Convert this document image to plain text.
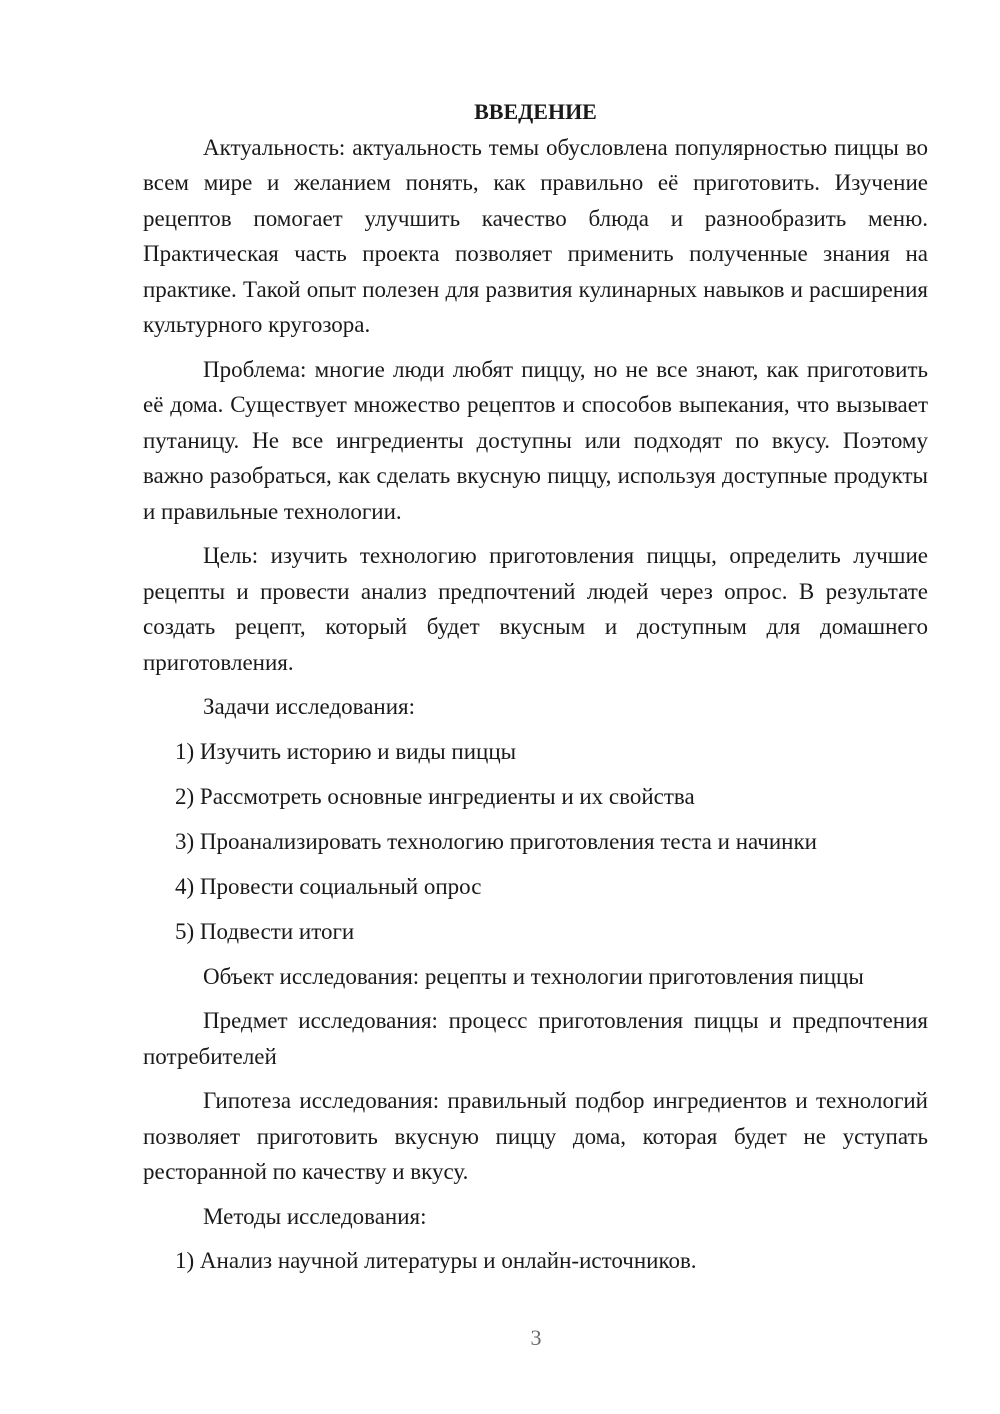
ВВЕДЕНИЕ

Актуальность: актуальность темы обусловлена популярностью пиццы во всем мире и желанием понять, как правильно её приготовить. Изучение рецептов помогает улучшить качество блюда и разнообразить меню. Практическая часть проекта позволяет применить полученные знания на практике. Такой опыт полезен для развития кулинарных навыков и расширения культурного кругозора.

Проблема: многие люди любят пиццу, но не все знают, как приготовить её дома. Существует множество рецептов и способов выпекания, что вызывает путаницу. Не все ингредиенты доступны или подходят по вкусу. Поэтому важно разобраться, как сделать вкусную пиццу, используя доступные продукты и правильные технологии.

Цель: изучить технологию приготовления пиццы, определить лучшие рецепты и провести анализ предпочтений людей через опрос. В результате создать рецепт, который будет вкусным и доступным для домашнего приготовления.

Задачи исследования:

1) Изучить историю и виды пиццы
2) Рассмотреть основные ингредиенты и их свойства
3) Проанализировать технологию приготовления теста и начинки
4) Провести социальный опрос
5) Подвести итоги

Объект исследования: рецепты и технологии приготовления пиццы

Предмет исследования: процесс приготовления пиццы и предпочтения потребителей

Гипотеза исследования: правильный подбор ингредиентов и технологий позволяет приготовить вкусную пиццу дома, которая будет не уступать ресторанной по качеству и вкусу.

Методы исследования:

1) Анализ научной литературы и онлайн-источников.
3
